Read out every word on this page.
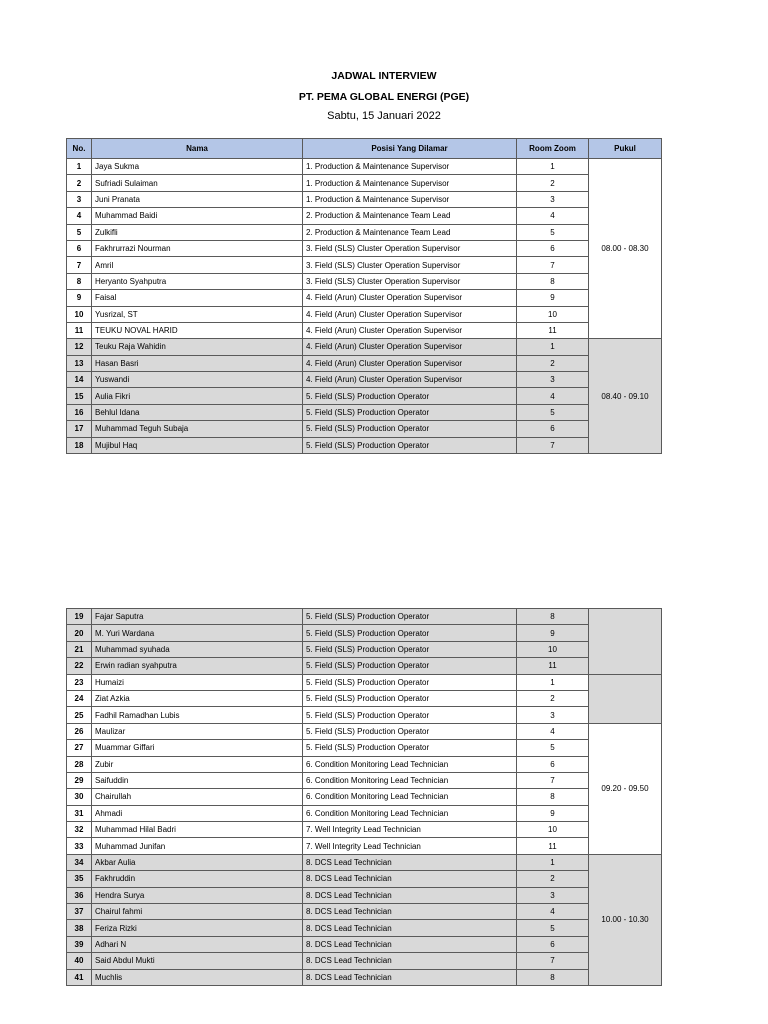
JADWAL INTERVIEW
PT. PEMA GLOBAL ENERGI (PGE)
Sabtu, 15 Januari 2022
No.	Nama	Posisi Yang Dilamar	Room Zoom	Pukul
1	Jaya Sukma	1. Production & Maintenance Supervisor	1	08.00 - 08.30
2	Sufriadi Sulaiman	1. Production & Maintenance Supervisor	2	
3	Juni Pranata	1. Production & Maintenance Supervisor	3	
4	Muhammad Baidi	2. Production & Maintenance Team Lead	4	
5	Zulkifli	2. Production & Maintenance Team Lead	5	
6	Fakhrurrazi Nourman	3. Field (SLS) Cluster Operation Supervisor	6	
7	Amril	3. Field (SLS) Cluster Operation Supervisor	7	
8	Heryanto Syahputra	3. Field (SLS) Cluster Operation Supervisor	8	
9	Faisal	4. Field (Arun) Cluster Operation Supervisor	9	
10	Yusrizal, ST	4. Field (Arun) Cluster Operation Supervisor	10	
11	TEUKU NOVAL HARID	4. Field (Arun) Cluster Operation Supervisor	11	
12	Teuku Raja Wahidin	4. Field (Arun) Cluster Operation Supervisor	1	08.40 - 09.10
13	Hasan Basri	4. Field (Arun) Cluster Operation Supervisor	2	
14	Yuswandi	4. Field (Arun) Cluster Operation Supervisor	3	
15	Aulia Fikri	5. Field (SLS) Production Operator	4	
16	Behlul Idana	5. Field (SLS) Production Operator	5	
17	Muhammad Teguh Subaja	5. Field (SLS) Production Operator	6	
18	Mujibul Haq	5. Field (SLS) Production Operator	7	
19	Fajar Saputra	5. Field (SLS) Production Operator	8	
20	M. Yuri Wardana	5. Field (SLS) Production Operator	9	
21	Muhammad syuhada	5. Field (SLS) Production Operator	10	
22	Erwin radian syahputra	5. Field (SLS) Production Operator	11	
23	Humaizi	5. Field (SLS) Production Operator	1	
24	Ziat Azkia	5. Field (SLS) Production Operator	2	
25	Fadhil Ramadhan Lubis	5. Field (SLS) Production Operator	3	
26	Maulizar	5. Field (SLS) Production Operator	4	09.20 - 09.50
27	Muammar Giffari	5. Field (SLS) Production Operator	5	
28	Zubir	6. Condition Monitoring Lead Technician	6	
29	Saifuddin	6. Condition Monitoring Lead Technician	7	
30	Chairullah	6. Condition Monitoring Lead Technician	8	
31	Ahmadi	6. Condition Monitoring Lead Technician	9	
32	Muhammad Hilal Badri	7. Well Integrity Lead Technician	10	
33	Muhammad Junifan	7. Well Integrity Lead Technician	11	
34	Akbar Aulia	8. DCS Lead Technician	1	10.00 - 10.30
35	Fakhruddin	8. DCS Lead Technician	2	
36	Hendra Surya	8. DCS Lead Technician	3	
37	Chairul fahmi	8. DCS Lead Technician	4	
38	Feriza Rizki	8. DCS Lead Technician	5	
39	Adhari N	8. DCS Lead Technician	6	
40	Said Abdul Mukti	8. DCS Lead Technician	7	
41	Muchlis	8. DCS Lead Technician	8	
